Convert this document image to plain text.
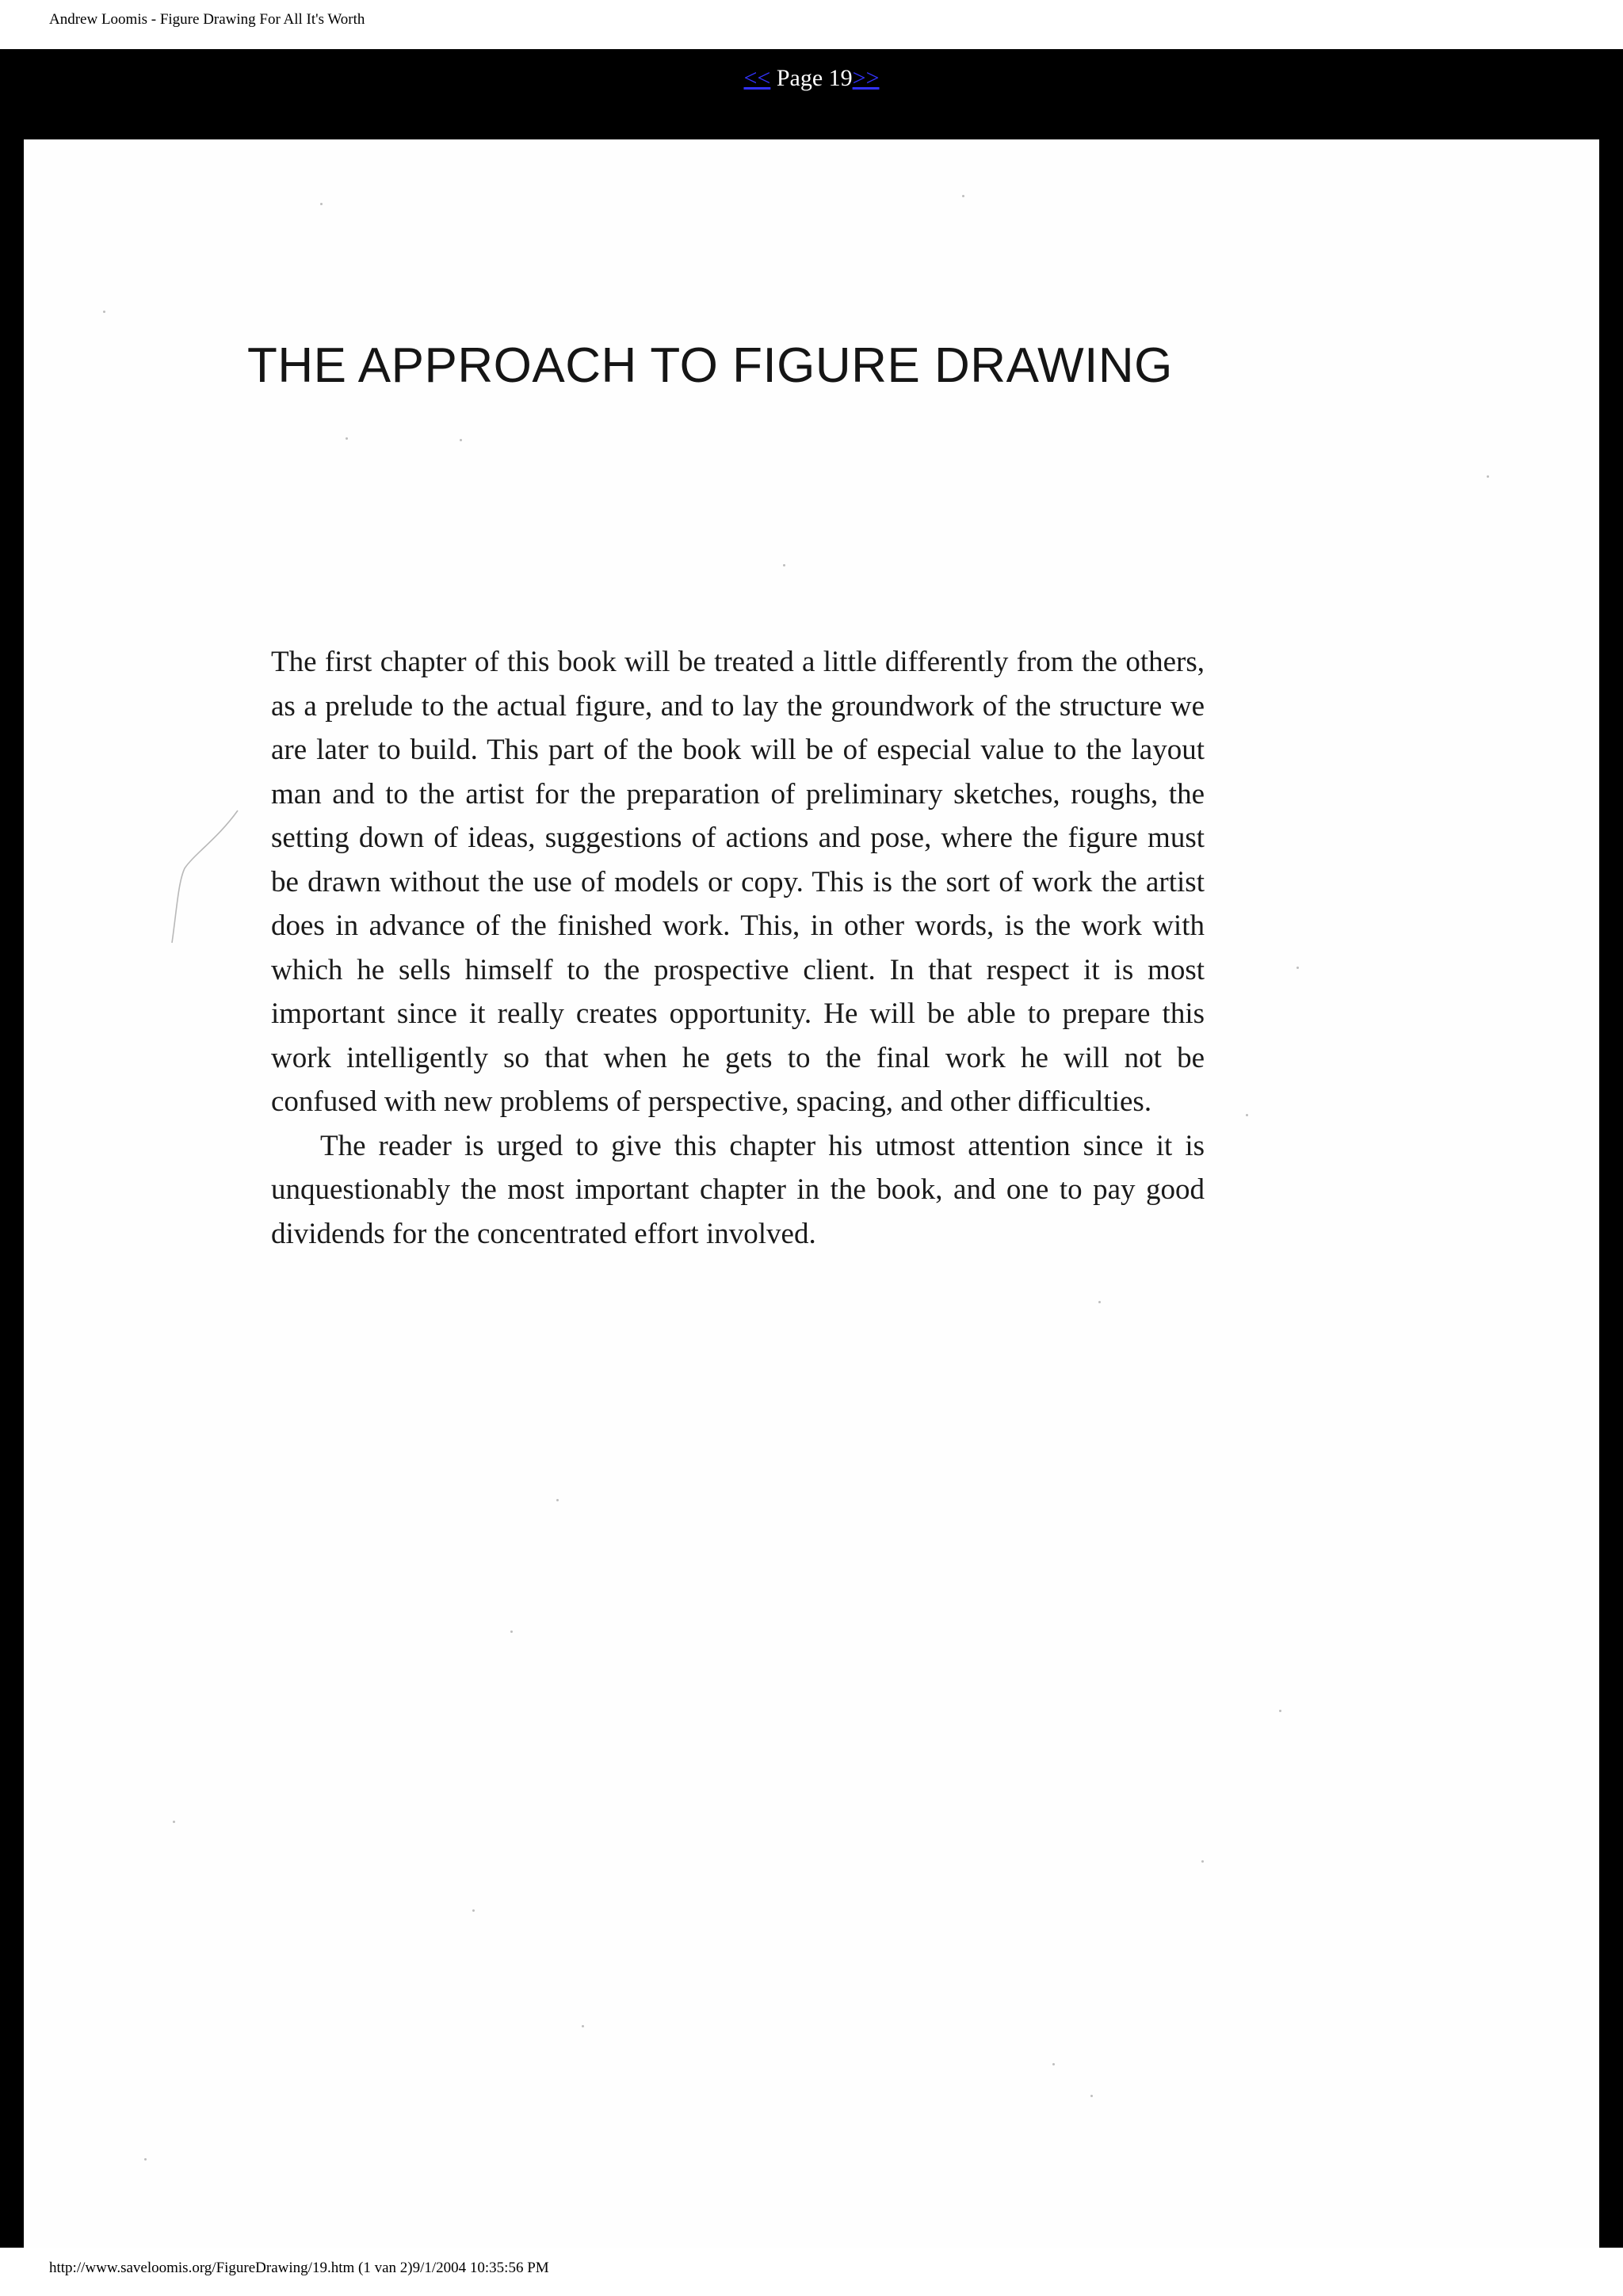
Andrew Loomis - Figure Drawing For All It's Worth
<< Page 19>>
THE APPROACH TO FIGURE DRAWING

The first chapter of this book will be treated a little differently from the others, as a prelude to the actual figure, and to lay the groundwork of the structure we are later to build. This part of the book will be of especial value to the layout man and to the artist for the preparation of preliminary sketches, roughs, the setting down of ideas, suggestions of actions and pose, where the figure must be drawn without the use of models or copy. This is the sort of work the artist does in advance of the finished work. This, in other words, is the work with which he sells himself to the prospective client. In that respect it is most important since it really creates opportunity. He will be able to prepare this work intelligently so that when he gets to the final work he will not be confused with new problems of perspective, spacing, and other difficulties.

The reader is urged to give this chapter his utmost attention since it is unquestionably the most important chapter in the book, and one to pay good dividends for the concentrated effort involved.

http://www.saveloomis.org/FigureDrawing/19.htm (1 van 2)9/1/2004 10:35:56 PM
